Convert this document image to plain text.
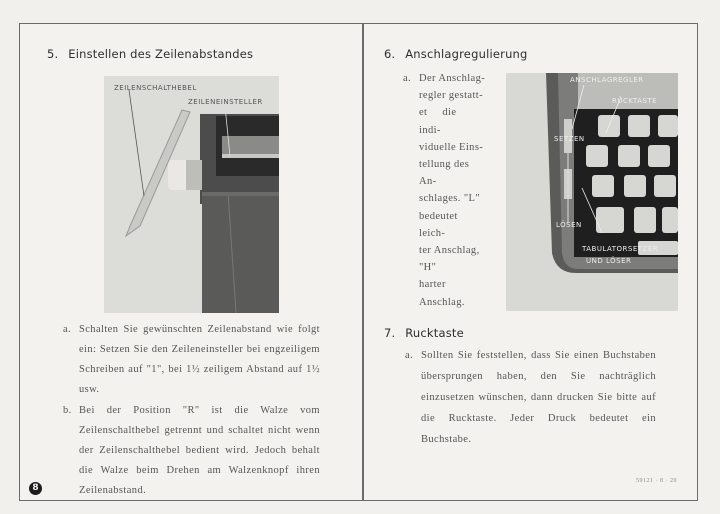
5. Einstellen des Zeilenabstandes
ZEILENSCHALTHEBEL
ZEILENEINSTELLER
a. Schalten Sie gewünschten Zeilenabstand wie folgt ein: Setzen Sie den Zeileneinsteller bei engzeiligem Schreiben auf "1", bei 1½ zeiligem Abstand auf 1½ usw.

b. Bei der Position "R" ist die Walze vom Zeilenschalthebel getrennt und schaltet nicht wenn der Zeilenschalthebel bedient wird. Jedoch behalt die Walze beim Drehen am Walzenknopf ihren Zeilenabstand.

8
6. Anschlagregulierung
a. Der Anschlag-
regler gestatt-
et die indi-
viduelle Eins-
tellung des An-
schlages. "L"
bedeutet leich-
ter Anschlag,
"H" harter
Anschlag.
ANSCHLAGREGLER
RÜCKTASTE
SETZEN
LÖSEN
TABULATORSETZER
UND LÖSER
7. Rucktaste
a. Sollten Sie feststellen, dass Sie einen Buchstaben übersprungen haben, den Sie nachträglich einzusetzen wünschen, dann drucken Sie bitte auf die Rucktaste. Jeder Druck bedeutet ein Buchstabe.

59121 · 8 · 20
